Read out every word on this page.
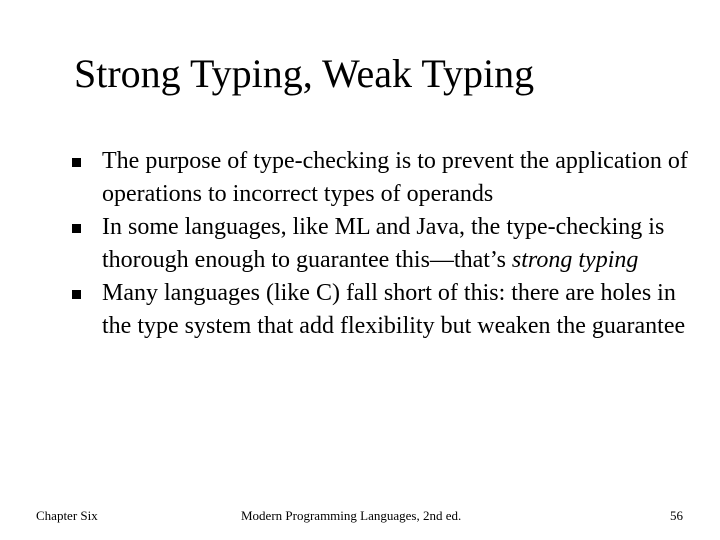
Strong Typing, Weak Typing
The purpose of type-checking is to prevent the application of operations to incorrect types of operands
In some languages, like ML and Java, the type-checking is thorough enough to guarantee this—that’s strong typing
Many languages (like C) fall short of this: there are holes in the type system that add flexibility but weaken the guarantee
Chapter Six	Modern Programming Languages, 2nd ed.	56
